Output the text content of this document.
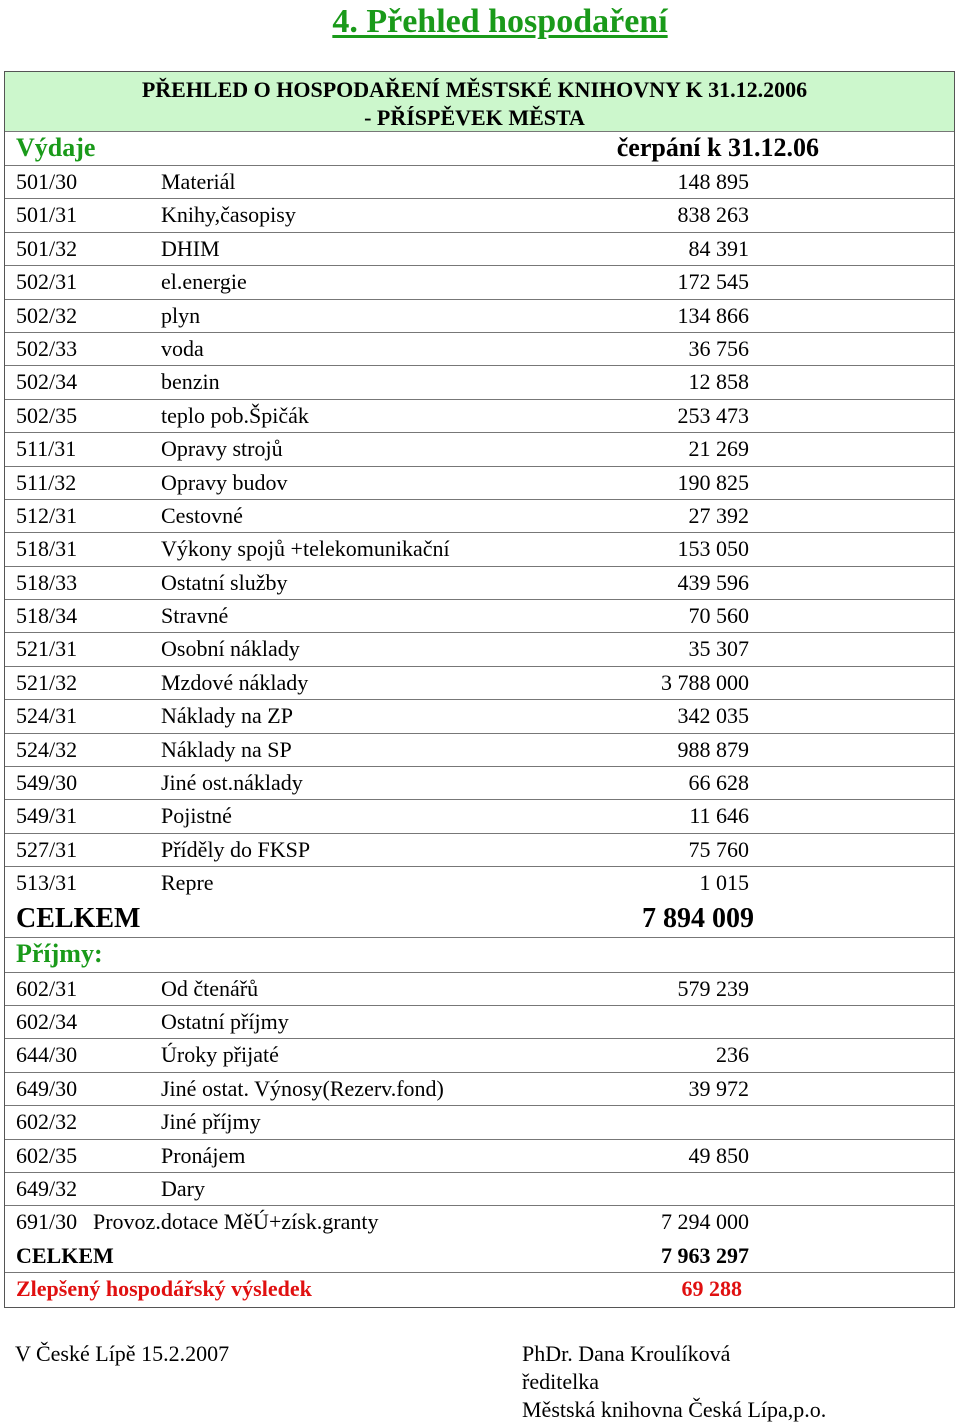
4. Přehled hospodaření
PŘEHLED O HOSPODAŘENÍ MĚSTSKÉ KNIHOVNY K 31.12.2006
- PŘÍSPĚVEK MĚSTA
Výdaje	čerpání k 31.12.06
501/30	Materiál	148 895
501/31	Knihy,časopisy	838 263
501/32	DHIM	84 391
502/31	el.energie	172 545
502/32	plyn	134 866
502/33	voda	36 756
502/34	benzin	12 858
502/35	teplo pob.Špičák	253 473
511/31	Opravy strojů	21 269
511/32	Opravy budov	190 825
512/31	Cestovné	27 392
518/31	Výkony spojů +telekomunikační	153 050
518/33	Ostatní služby	439 596
518/34	Stravné	70 560
521/31	Osobní náklady	35 307
521/32	Mzdové náklady	3 788 000
524/31	Náklady na ZP	342 035
524/32	Náklady na SP	988 879
549/30	Jiné ost.náklady	66 628
549/31	Pojistné	11 646
527/31	Příděly do FKSP	75 760
513/31	Repre	1 015
CELKEM	7 894 009
Příjmy:
602/31	Od čtenářů	579 239
602/34	Ostatní příjmy
644/30	Úroky přijaté	236
649/30	Jiné ostat. Výnosy(Rezerv.fond)	39 972
602/32	Jiné příjmy
602/35	Pronájem	49 850
649/32	Dary
691/30 Provoz.dotace MěÚ+získ.granty	7 294 000
CELKEM	7 963 297
Zlepšený hospodářský výsledek	69 288
V České Lípě 15.2.2007	PhDr. Dana Kroulíková
ředitelka
Městská knihovna Česká Lípa,p.o.
